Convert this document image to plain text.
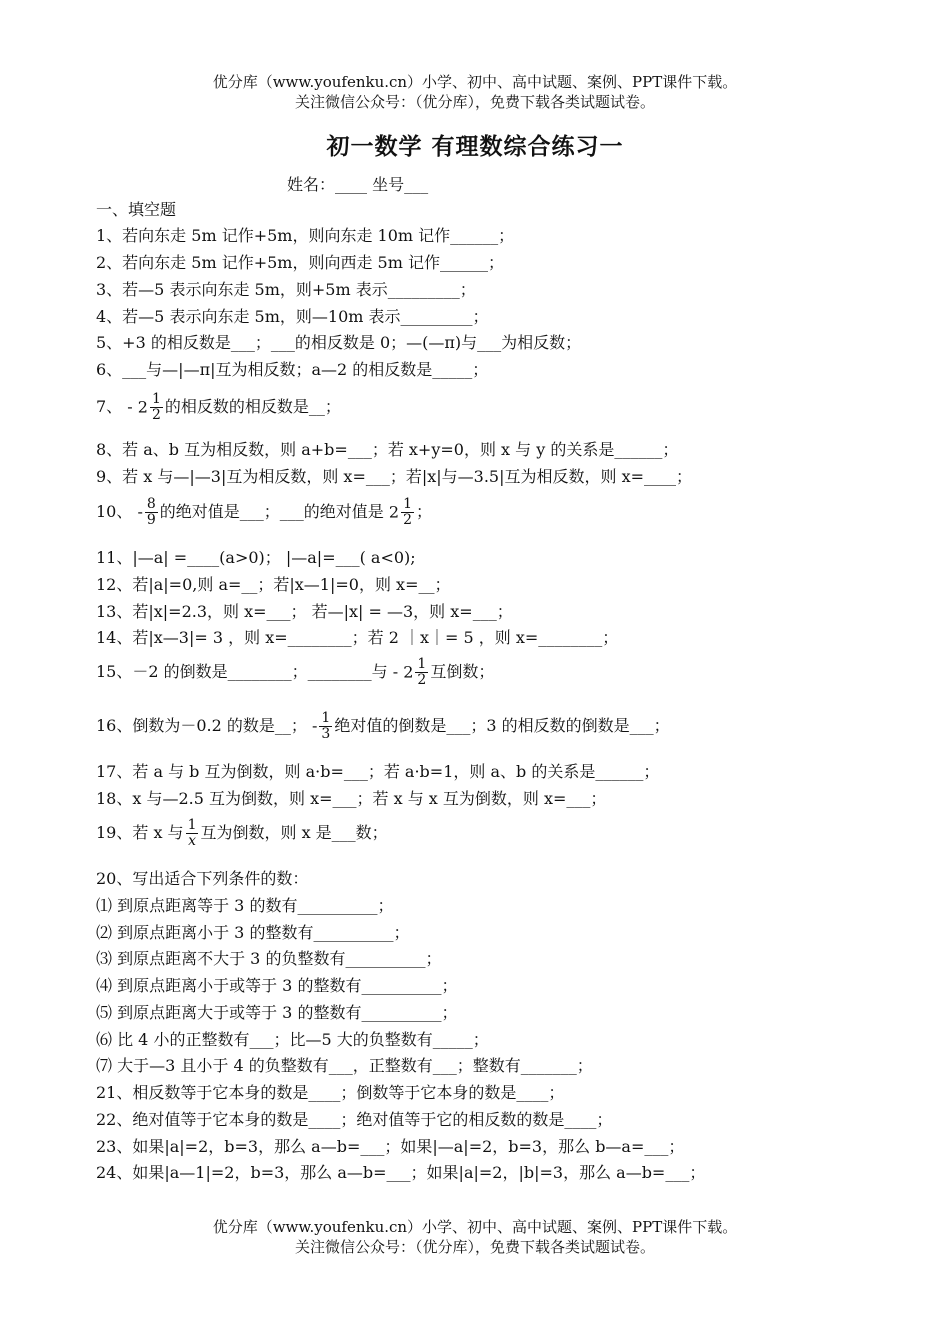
优分库（www.youfenku.cn）小学、初中、高中试题、案例、PPT课件下载。
关注微信公众号：（优分库），免费下载各类试题试卷。
初一数学 有理数综合练习一
姓名：____ 坐号___
一、填空题
1、若向东走 5m 记作+5m，则向东走 10m 记作______；
2、若向东走 5m 记作+5m，则向西走 5m 记作______；
3、若—5 表示向东走 5m，则+5m 表示_________；
4、若—5 表示向东走 5m，则—10m 表示_________；
5、+3 的相反数是___；___的相反数是 0；—(—π)与___为相反数；
6、___与—|—π|互为相反数；a—2 的相反数是_____；
7、 - $2 \frac{1}{2}$ 的相反数的相反数是__；
8、若 a、b 互为相反数，则 a+b=___；若 x+y=0，则 x 与 y 的关系是______；
9、若 x 与—|—3|互为相反数，则 x=___；若|x|与—3.5|互为相反数，则 x=____；
10、 - $\frac{8}{9}$ 的绝对值是___；___的绝对值是 $2 \frac{1}{2}$ ；
11、|—a| =____(a>0)； |—a|=___( a<0);
12、若|a|=0,则 a=__；若|x—1|=0，则 x=__；
13、若|x|=2.3，则 x=___； 若—|x| = —3，则 x=___；
14、若|x—3|= 3 ，则 x=________；若 2 ｜x｜= 5 ，则 x=________；
15、－2 的倒数是________；________与 - $2 \frac{1}{2}$ 互倒数；
16、倒数为－0.2 的数是__； - $\frac{1}{3}$ 绝对值的倒数是___；3 的相反数的倒数是___；
17、若 a 与 b 互为倒数，则 a·b=___；若 a·b=1，则 a、b 的关系是______；
18、x 与—2.5 互为倒数，则 x=___；若 x 与 x 互为倒数，则 x=___；
19、若 x 与 $\frac{1}{x}$ 互为倒数，则 x 是___数；
20、写出适合下列条件的数：
⑴ 到原点距离等于 3 的数有__________；
⑵ 到原点距离小于 3 的整数有__________；
⑶ 到原点距离不大于 3 的负整数有__________；
⑷ 到原点距离小于或等于 3 的整数有__________；
⑸ 到原点距离大于或等于 3 的整数有__________；
⑹ 比 4 小的正整数有___；比—5 大的负整数有_____；
⑺ 大于—3 且小于 4 的负整数有___，正整数有___；整数有_______；
21、相反数等于它本身的数是____；倒数等于它本身的数是____；
22、绝对值等于它本身的数是____；绝对值等于它的相反数的数是____；
23、如果|a|=2，b=3，那么 a—b=___；如果|—a|=2，b=3，那么 b—a=___；
24、如果|a—1|=2，b=3，那么 a—b=___；如果|a|=2，|b|=3，那么 a—b=___；
优分库（www.youfenku.cn）小学、初中、高中试题、案例、PPT课件下载。
关注微信公众号：（优分库），免费下载各类试题试卷。
